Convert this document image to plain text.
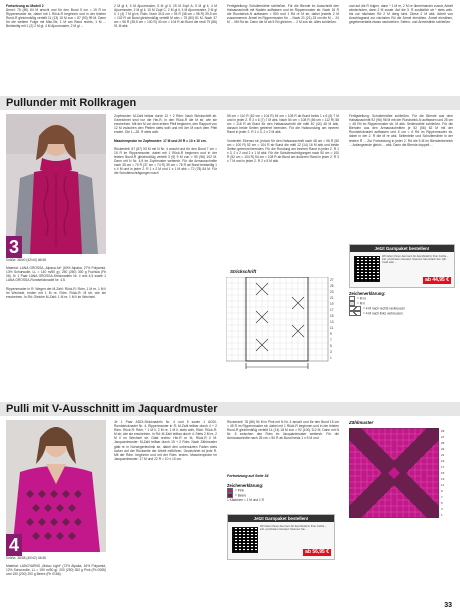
Fortsetzung zu Modell 2
Ärmel: 76 (80) 84 M anschl und für den Bund 9 cm = 19 R im Rippenmuster str, dabei mit 1 Rück-R beginnen und in der letzten Rund-R gleichmäßig verteilt 11 (13) 15 M zun = 87 (93) 99 M. Dann für die weitere Folge mit Mkn-Str, 1 M am Rand rechts, 1 M ... Beidseitig mit 1 (2) 2 M gl, 4 M Ajourmuster, 2 M gl ...
2 M gl li, 4 M Ajourmuster, 5 M gl li, 25 M Zopf A, 5 M gl li, 4 M Ajourmuster, 2 M gl li, 10 M Zopf C, 2 M gl li, 4 M Ajourmuster, 2 M gl li, 1 (4) 7 M gl re, Rdm. Noch 34,5 cm = 94 R (38 cm = 98 R) 39,5 cm = 102 R ab Bund gleichmäßig verteilt M abn = 75 (80) 81 M. Nach 37 cm = 96 R (38,5 cm = 100 R) 40 cm = 104 R ab Bund die restl 79 (85) 91 M abk.
Fertigstellung: Schulternähte schließen. Für die Blende im Ausschnitt den Halsausschnitt mit Nadeln auffassen und im Rippenmuster str. Nach 16 R die Rundstrick-N auffassen = 900 und 1 Rd re M str, dabei jeweils 2 M zusammenstr. Ärmel im Rippenmuster für ... Nach 21 (21) 23 cm die M ... 24 M ... Mit Rd str. Dann die M ab 5 Rd gleichm ... 2 M zus str. Alles schließen.
und auf die R folgen, dann * 1 M re, 2 M re übereinander zusstr, Arbeit wiederholen, dann 2 M zusstr. Auf die 3. R zusätzlich str * stets wdh. bis zur nächsten Rd 2 M übrig sind. Diese 2 M abk. Arbeit von Anschlagrand zur nächsten Rd die Ärmel einnähen. Ärmel einnähen, gegebenenfalls etwas nachziehen. Seiten- und Ärmelnähte schließen.
Pullunder mit Rollkragen
3
Größe: 38/40 (42/44) 46/48

Material: LANA GROSSA „Alpaca Air“ (60% Alpaka, 27% Polyamid, 13% Schurwolle, LL = 140 m/50 g): 250 (250) 300 g Fuchsia (Fb 06). N: 1 Paar LANA GROSSA-Stricknadeln Nr. 4 und 4,5 sowie 1 LANA GROSSA-Rundstricknadel Nr. 4,5.

Rippenmuster in R: Wegen der M-Zahl: Rück-R: Rdm, 1 M re, 1 M li im Wechsel, enden mit 1 M re, Rdm. Rück-R: M str, wie sie erscheinen. In Rd: Gleiche M-Zahl: 1 M re, 1 M li im Wechsel.
Zopfmuster: M-Zahl teilbar durch 12 + 2 Rdm. Nach Strickschrift str. Gezeichnet sind nur die Hin-R, in den Rück-R die M str, wie sie erscheinen. Mit der M vor dem ersten Pfeil beginnen, den Rapport von 12 M zwischen den Pfeilen stets wdh und mit der M nach dem Pfeil enden. Die 1.–28. R stets wdh.

Maschenprobe im Zopfmuster: 17 M und 20 R = 10 x 10 cm.

Rückenteil: 87 (87) 93 M mit N Nr. 4 anschl und für den Bund 7 cm = 15 R im Rippenmuster, dabei mit 1 Rück-R beginnen und in der letzten Bund-R gleichmäßig verteilt 3 (9) 9 M zun = 90 (96) 102 M. Dann mit N Nr. 4,5 im Zopfmuster weiterstr. Für die Armausschnitte nach 35 cm = 70 R (37 cm = 74 R) 39 cm = 78 R ab Bund beidseitig 1 x 4 M und in jeder 2. R 1 x 2 M und 1 x 1 M abk = 72 (78) 84 M. Für die Schulterschrägungen nach
55 cm = 110 R (52 cm = 104 R) 54 cm = 108 R ab Bund beids 1 x 6 (6) 7 M und in jeder 2. R 2 x 6 (7) 7 M abk. Nach 54 cm = 108 R (56 cm = 112 R) 58 cm = 116 R ab Bund für den Halsausschnitt die mittl 40 (44) 46 M abk, danach beide Seiten getrennt beenden. Für die Halsrundung am inneren Rand in jeder 2. R 1 x 3, 2 x 2 M abk.

Vorderteil: Ebenso str, jedoch für den Halsausschnitt nach 48 cm = 96 R (50 cm = 100 R) 52 cm = 104 R ab Bund die mittl 12 (14) 16 M abk und beide Seiten getrennt beenden. Für die Rundung am inneren Rand in jeder 2. R 1 x 3, 2 x 2 und 2 x 1 M abk. Für die Schulterschrägungen nach 50 cm = 100 R (52 cm = 104 R) 54 cm = 108 R ab Bund am äußeren Rand in jeder 2. R 3 x 7 M und in jeder 2. R 2 x 5 M abk.
Fertigstellung: Schulternähte schließen. Für die Blende aus dem Halsausschnitt 92 (96) 98 M mit der Rundstrick-N auffassen und 25 cm = 48 Rd im Rippenmuster str. M abk. Seitennähte schließen. Für die Blenden aus den Armausschnitten je 52 (56) 62 M mit der Rundstricknadel auffassen und 5 cm = 6 Rd im Rippenmuster str, dabei in der 2. R die M re abk. Seitenteile und Schulternähte in der letzten R ... Zur Fortsetzung in jeder 2. Rd die 5 M im Blendenbereich ... Anfangsende gleich ... abk. Dann die Blende doppelt ...
Strickschrift
27
25
23
21
19
17
15
13
11
9
7
5
3
1
Jetzt Garnpaket bestellen!
Wir liefern Ihnen das Garn für das Modell in Ihrer Größe – inkl. portofreiem Versand. Scannen Sie einfach den QR-Code oder ...
ab 44,95 €
Zeichenerklärung:
= M re
= M li
= 4 M nach rechts verkreuzen
= 4 M nach links verkreuzen
Pulli mit V-Ausschnitt im Jaquardmuster
4
Größe: 36/38 (40/42) 44/46

Material: LANGYARNS „Malou Light“ (72% Alpaka, 16% Polyamid, 12% Schurwolle, LL = 190 m/50 g): 200 (250) 300 g Pink (Fb 0085) und 150 (200) 200 g Beere (Fb 0166).
Je 1 Paar ADDI-Stricknadeln Nr. 4 und 5 sowie 1 ADDI-Rundstricknadel Nr. 4. Rippenmuster in R: M-Zahl teilbar durch 4 + 2 Rdm. Rück-R: Rdm, * 1 M li, 2 M re, 1 M li, stets wdh, Rdm. Rück-R: M str, wie sie erscheinen. In Rd: M-Zahl teilbar durch 4: Stets 2 M re, 2 M li im Wechsel str. Glatt rechts: Hin-R re M, Rück-R li M. Jacquardmuster: M-Zahl teilbar durch 15 + 2 Rdm. Nach Zählmuster glatt re in Norwegertechnik str, dabei den unbenutzten Faden stets locker auf der Rückseite der Arbeit mitführen. Gezeichnet ist jede R. Mit der Rdm. beginnen und mit der Rdm. enden. Maschenprobe im Jacquardmuster: 17 M und 22 R = 10 x 10 cm.
Rückenteil: 78 (86) 94 M in Pink mit N Nr. 4 anschl und für den Bund 15 cm = 45 R im Rippenmuster str, dabei mit 1 Rück-R beginnen und in der letzten Rund-R gleichmäßig verteilt 14 (14) 18 M zun = 92 (100) 112 M. Dann mit N Nr. 5 zwischen den Rdm im Jacquardmuster weiterstr. Für die Armausschnitte nach 25 cm = 50 R ab Bund beids 1 x 5 M und
Fortsetzung auf Seite 34
Zeichenerklärung:
= Pink
= Beere
1 Kästchen = 1 M und 1 R
Jetzt Garnpaket bestellen!
Wir liefern Ihnen das Garn für das Modell in Ihrer Größe – inkl. portofreiem Versand. Scannen Sie ...
ab 56,95 €
Zählmuster
29
27
25
23
21
19
17
15
13
11
9
7
5
3
1
33
